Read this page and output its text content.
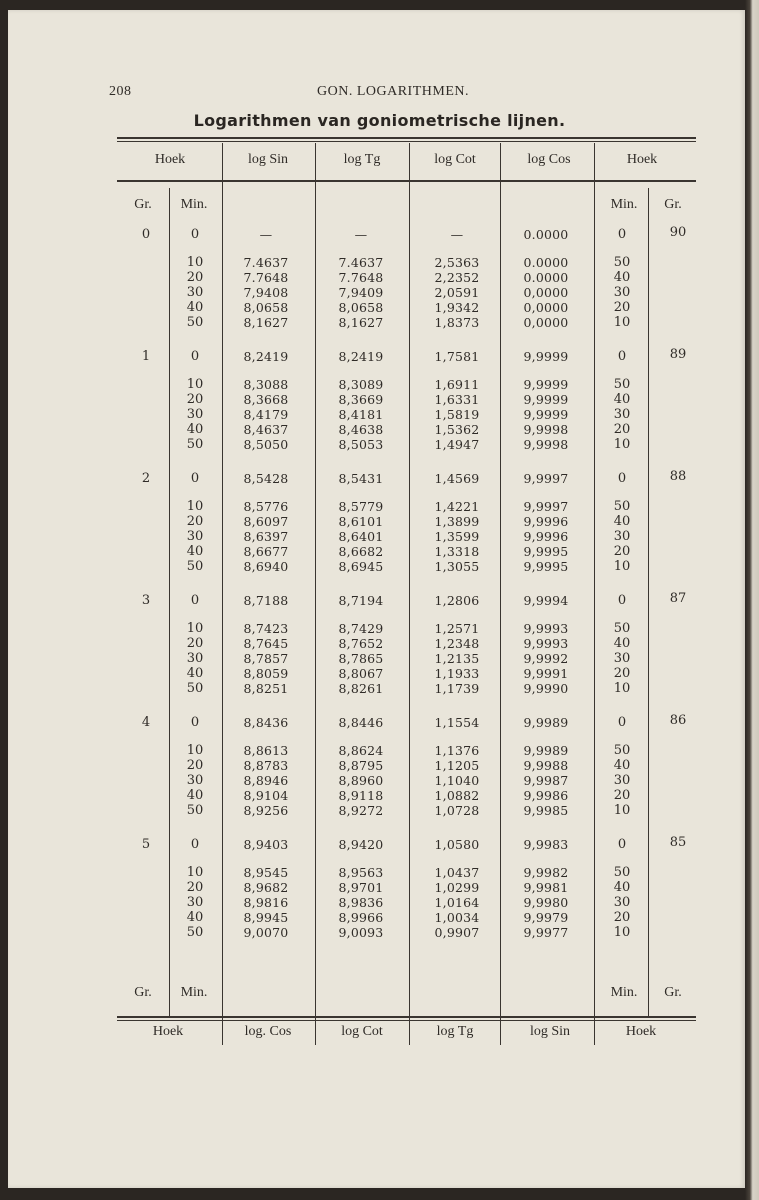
208	GON. LOGARITHMEN.
Logarithmen van goniometrische lijnen.
Hoek	log Sin	log Tg	log Cot	log Cos	Hoek
Hoek	log. Cos	log Cot	log Tg	log Sin	Hoek
Gr.	Min.	Min.	Gr.
Gr.	Min.	Min.	Gr.
0	0	—	—	—	0.0000	0	90
10	7.4637	7.4637	2,5363	0.0000	50
20	7.7648	7.7648	2,2352	0.0000	40
30	7,9408	7,9409	2,0591	0,0000	30
40	8,0658	8,0658	1,9342	0,0000	20
50	8,1627	8,1627	1,8373	0,0000	10
1	0	8,2419	8,2419	1,7581	9,9999	0	89
10	8,3088	8,3089	1,6911	9,9999	50
20	8,3668	8,3669	1,6331	9,9999	40
30	8,4179	8,4181	1,5819	9,9999	30
40	8,4637	8,4638	1,5362	9,9998	20
50	8,5050	8,5053	1,4947	9,9998	10
2	0	8,5428	8,5431	1,4569	9,9997	0	88
10	8,5776	8,5779	1,4221	9,9997	50
20	8,6097	8,6101	1,3899	9,9996	40
30	8,6397	8,6401	1,3599	9,9996	30
40	8,6677	8,6682	1,3318	9,9995	20
50	8,6940	8,6945	1,3055	9,9995	10
3	0	8,7188	8,7194	1,2806	9,9994	0	87
10	8,7423	8,7429	1,2571	9,9993	50
20	8,7645	8,7652	1,2348	9,9993	40
30	8,7857	8,7865	1,2135	9,9992	30
40	8,8059	8,8067	1,1933	9,9991	20
50	8,8251	8,8261	1,1739	9,9990	10
4	0	8,8436	8,8446	1,1554	9,9989	0	86
10	8,8613	8,8624	1,1376	9,9989	50
20	8,8783	8,8795	1,1205	9,9988	40
30	8,8946	8,8960	1,1040	9,9987	30
40	8,9104	8,9118	1,0882	9,9986	20
50	8,9256	8,9272	1,0728	9,9985	10
5	0	8,9403	8,9420	1,0580	9,9983	0	85
10	8,9545	8,9563	1,0437	9,9982	50
20	8,9682	8,9701	1,0299	9,9981	40
30	8,9816	8,9836	1,0164	9,9980	30
40	8,9945	8,9966	1,0034	9,9979	20
50	9,0070	9,0093	0,9907	9,9977	10
